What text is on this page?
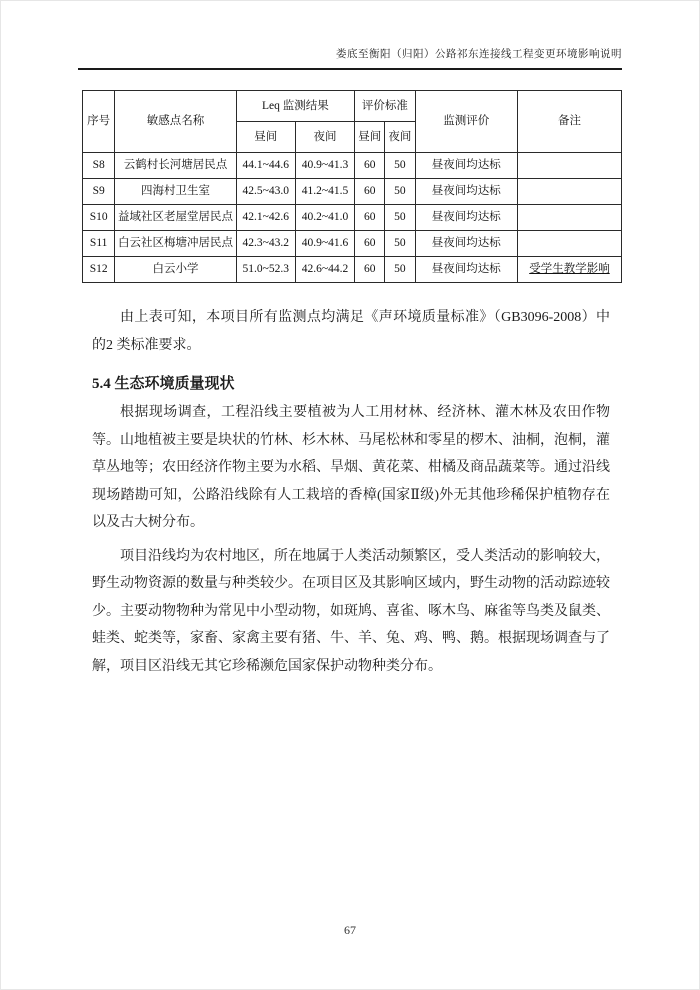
娄底至衡阳（归阳）公路祁东连接线工程变更环境影响说明
序号	敏感点名称	Leq 监测结果		评价标准		监测评价	备注
		昼间	夜间	昼间	夜间		
S8	云鹤村长河塘居民点	44.1~44.6	40.9~41.3	60	50	昼夜间均达标	
S9	四海村卫生室	42.5~43.0	41.2~41.5	60	50	昼夜间均达标	
S10	益域社区老屋堂居民点	42.1~42.6	40.2~41.0	60	50	昼夜间均达标	
S11	白云社区梅塘冲居民点	42.3~43.2	40.9~41.6	60	50	昼夜间均达标	
S12	白云小学	51.0~52.3	42.6~44.2	60	50	昼夜间均达标	受学生教学影响

由上表可知，本项目所有监测点均满足《声环境质量标准》（GB3096-2008）中的2 类标准要求。

5.4 生态环境质量现状

根据现场调查，工程沿线主要植被为人工用材林、经济林、灌木林及农田作物等。山地植被主要是块状的竹林、杉木林、马尾松林和零星的椤木、油桐，泡桐，灌草丛地等；农田经济作物主要为水稻、旱烟、黄花菜、柑橘及商品蔬菜等。通过沿线现场踏勘可知，公路沿线除有人工栽培的香樟(国家Ⅱ级)外无其他珍稀保护植物存在以及古大树分布。

项目沿线均为农村地区，所在地属于人类活动频繁区，受人类活动的影响较大，野生动物资源的数量与种类较少。在项目区及其影响区域内，野生动物的活动踪迹较少。主要动物物种为常见中小型动物，如斑鸠、喜雀、啄木鸟、麻雀等鸟类及鼠类、蛙类、蛇类等，家畜、家禽主要有猪、牛、羊、兔、鸡、鸭、鹅。根据现场调查与了解，项目区沿线无其它珍稀濒危国家保护动物种类分布。

67
